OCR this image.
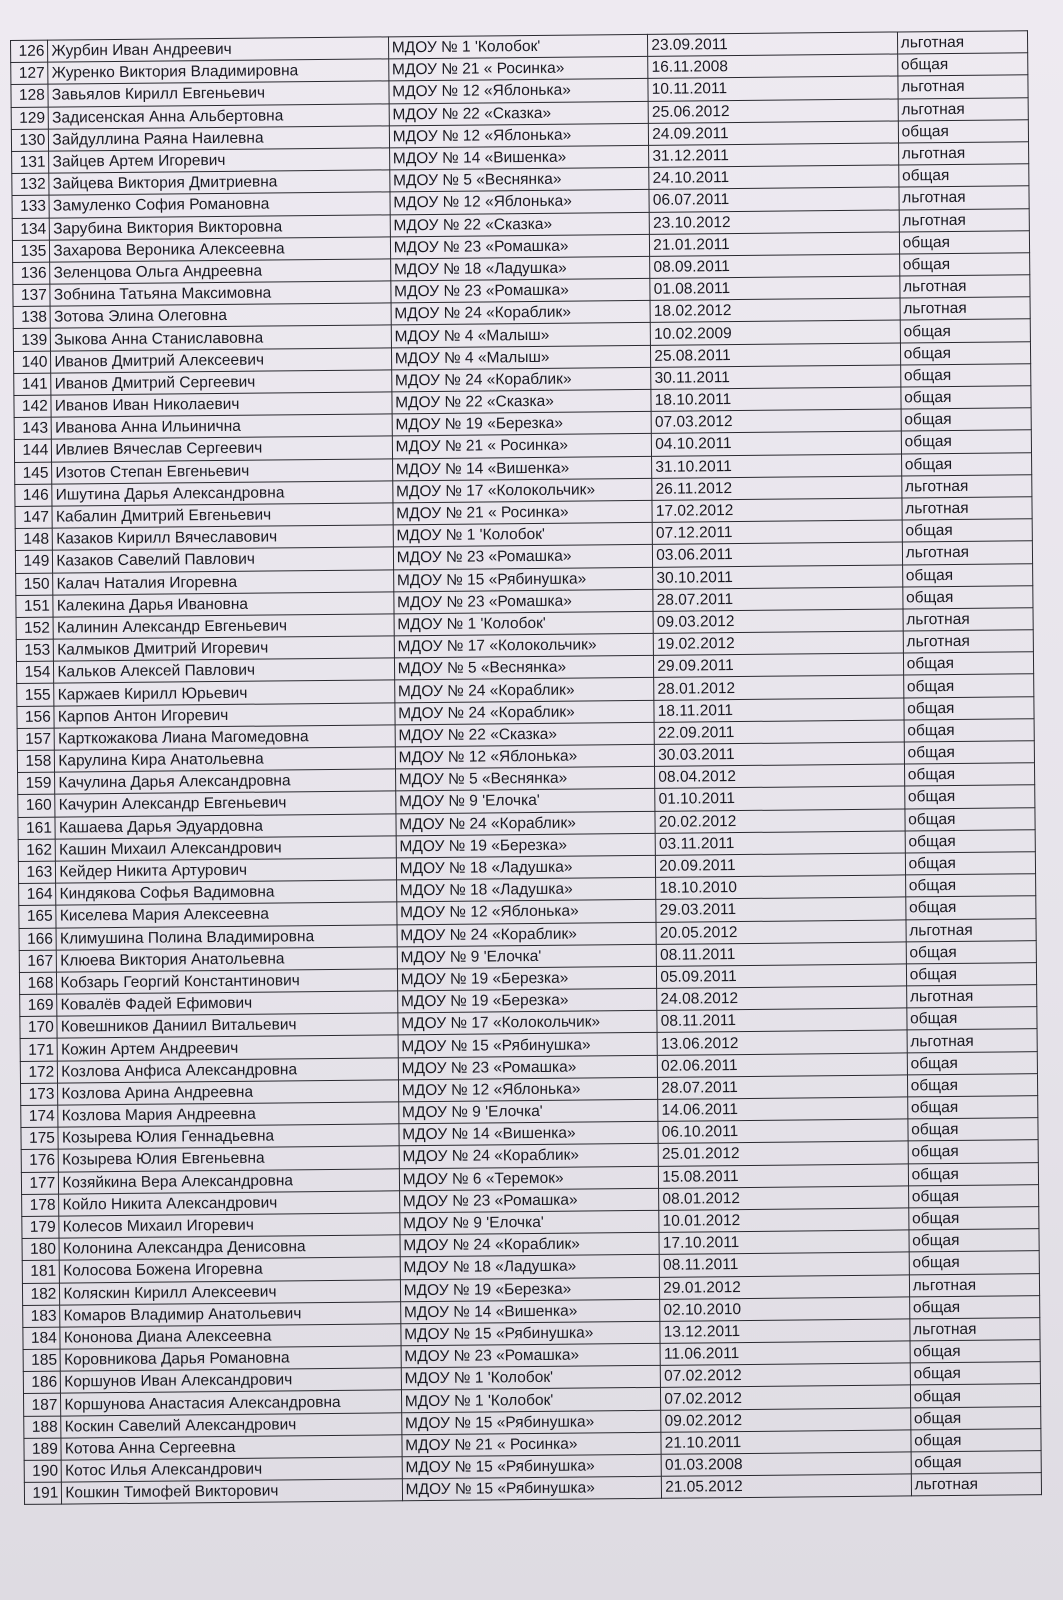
126	Журбин Иван Андреевич	МДОУ № 1 'Колобок'	23.09.2011	льготная
127	Журенко Виктория Владимировна	МДОУ № 21 « Росинка»	16.11.2008	общая
128	Завьялов Кирилл Евгеньевич	МДОУ № 12 «Яблонька»	10.11.2011	льготная
129	Задисенская Анна Альбертовна	МДОУ № 22 «Сказка»	25.06.2012	льготная
130	Зайдуллина Раяна Наилевна	МДОУ № 12 «Яблонька»	24.09.2011	общая
131	Зайцев Артем Игоревич	МДОУ № 14 «Вишенка»	31.12.2011	льготная
132	Зайцева Виктория Дмитриевна	МДОУ № 5 «Веснянка»	24.10.2011	общая
133	Замуленко София Романовна	МДОУ № 12 «Яблонька»	06.07.2011	льготная
134	Зарубина Виктория Викторовна	МДОУ № 22 «Сказка»	23.10.2012	льготная
135	Захарова Вероника Алексеевна	МДОУ № 23 «Ромашка»	21.01.2011	общая
136	Зеленцова Ольга Андреевна	МДОУ № 18 «Ладушка»	08.09.2011	общая
137	Зобнина Татьяна Максимовна	МДОУ № 23 «Ромашка»	01.08.2011	льготная
138	Зотова Элина Олеговна	МДОУ № 24 «Кораблик»	18.02.2012	льготная
139	Зыкова Анна Станиславовна	МДОУ № 4 «Малыш»	10.02.2009	общая
140	Иванов Дмитрий Алексеевич	МДОУ № 4 «Малыш»	25.08.2011	общая
141	Иванов Дмитрий Сергеевич	МДОУ № 24 «Кораблик»	30.11.2011	общая
142	Иванов Иван Николаевич	МДОУ № 22 «Сказка»	18.10.2011	общая
143	Иванова Анна Ильинична	МДОУ № 19 «Березка»	07.03.2012	общая
144	Ивлиев Вячеслав Сергеевич	МДОУ № 21 « Росинка»	04.10.2011	общая
145	Изотов Степан Евгеньевич	МДОУ № 14 «Вишенка»	31.10.2011	общая
146	Ишутина Дарья Александровна	МДОУ № 17 «Колокольчик»	26.11.2012	льготная
147	Кабалин Дмитрий Евгеньевич	МДОУ № 21 « Росинка»	17.02.2012	льготная
148	Казаков Кирилл Вячеславович	МДОУ № 1 'Колобок'	07.12.2011	общая
149	Казаков Савелий Павлович	МДОУ № 23 «Ромашка»	03.06.2011	льготная
150	Калач Наталия Игоревна	МДОУ № 15 «Рябинушка»	30.10.2011	общая
151	Калекина Дарья Ивановна	МДОУ № 23 «Ромашка»	28.07.2011	общая
152	Калинин Александр Евгеньевич	МДОУ № 1 'Колобок'	09.03.2012	льготная
153	Калмыков Дмитрий Игоревич	МДОУ № 17 «Колокольчик»	19.02.2012	льготная
154	Кальков Алексей Павлович	МДОУ № 5 «Веснянка»	29.09.2011	общая
155	Каржаев Кирилл Юрьевич	МДОУ № 24 «Кораблик»	28.01.2012	общая
156	Карпов Антон Игоревич	МДОУ № 24 «Кораблик»	18.11.2011	общая
157	Карткожакова Лиана Магомедовна	МДОУ № 22 «Сказка»	22.09.2011	общая
158	Карулина Кира Анатольевна	МДОУ № 12 «Яблонька»	30.03.2011	общая
159	Качулина Дарья Александровна	МДОУ № 5 «Веснянка»	08.04.2012	общая
160	Качурин Александр Евгеньевич	МДОУ № 9 'Елочка'	01.10.2011	общая
161	Кашаева Дарья Эдуардовна	МДОУ № 24 «Кораблик»	20.02.2012	общая
162	Кашин Михаил Александрович	МДОУ № 19 «Березка»	03.11.2011	общая
163	Кейдер Никита Артурович	МДОУ № 18 «Ладушка»	20.09.2011	общая
164	Киндякова Софья Вадимовна	МДОУ № 18 «Ладушка»	18.10.2010	общая
165	Киселева Мария Алексеевна	МДОУ № 12 «Яблонька»	29.03.2011	общая
166	Климушина Полина Владимировна	МДОУ № 24 «Кораблик»	20.05.2012	льготная
167	Клюева Виктория Анатольевна	МДОУ № 9 'Елочка'	08.11.2011	общая
168	Кобзарь Георгий Константинович	МДОУ № 19 «Березка»	05.09.2011	общая
169	Ковалёв Фадей Ефимович	МДОУ № 19 «Березка»	24.08.2012	льготная
170	Ковешников Даниил Витальевич	МДОУ № 17 «Колокольчик»	08.11.2011	общая
171	Кожин Артем Андреевич	МДОУ № 15 «Рябинушка»	13.06.2012	льготная
172	Козлова Анфиса Александровна	МДОУ № 23 «Ромашка»	02.06.2011	общая
173	Козлова Арина Андреевна	МДОУ № 12 «Яблонька»	28.07.2011	общая
174	Козлова Мария Андреевна	МДОУ № 9 'Елочка'	14.06.2011	общая
175	Козырева Юлия Геннадьевна	МДОУ № 14 «Вишенка»	06.10.2011	общая
176	Козырева Юлия Евгеньевна	МДОУ № 24 «Кораблик»	25.01.2012	общая
177	Козяйкина Вера Александровна	МДОУ № 6 «Теремок»	15.08.2011	общая
178	Койло Никита Александрович	МДОУ № 23 «Ромашка»	08.01.2012	общая
179	Колесов Михаил Игоревич	МДОУ № 9 'Елочка'	10.01.2012	общая
180	Колонина Александра Денисовна	МДОУ № 24 «Кораблик»	17.10.2011	общая
181	Колосова Божена Игоревна	МДОУ № 18 «Ладушка»	08.11.2011	общая
182	Коляскин Кирилл Алексеевич	МДОУ № 19 «Березка»	29.01.2012	льготная
183	Комаров Владимир Анатольевич	МДОУ № 14 «Вишенка»	02.10.2010	общая
184	Кононова Диана Алексеевна	МДОУ № 15 «Рябинушка»	13.12.2011	льготная
185	Коровникова Дарья Романовна	МДОУ № 23 «Ромашка»	11.06.2011	общая
186	Коршунов Иван Александрович	МДОУ № 1 'Колобок'	07.02.2012	общая
187	Коршунова Анастасия Александровна	МДОУ № 1 'Колобок'	07.02.2012	общая
188	Коскин Савелий Александрович	МДОУ № 15 «Рябинушка»	09.02.2012	общая
189	Котова Анна Сергеевна	МДОУ № 21 « Росинка»	21.10.2011	общая
190	Котос Илья Александрович	МДОУ № 15 «Рябинушка»	01.03.2008	общая
191	Кошкин Тимофей Викторович	МДОУ № 15 «Рябинушка»	21.05.2012	льготная
